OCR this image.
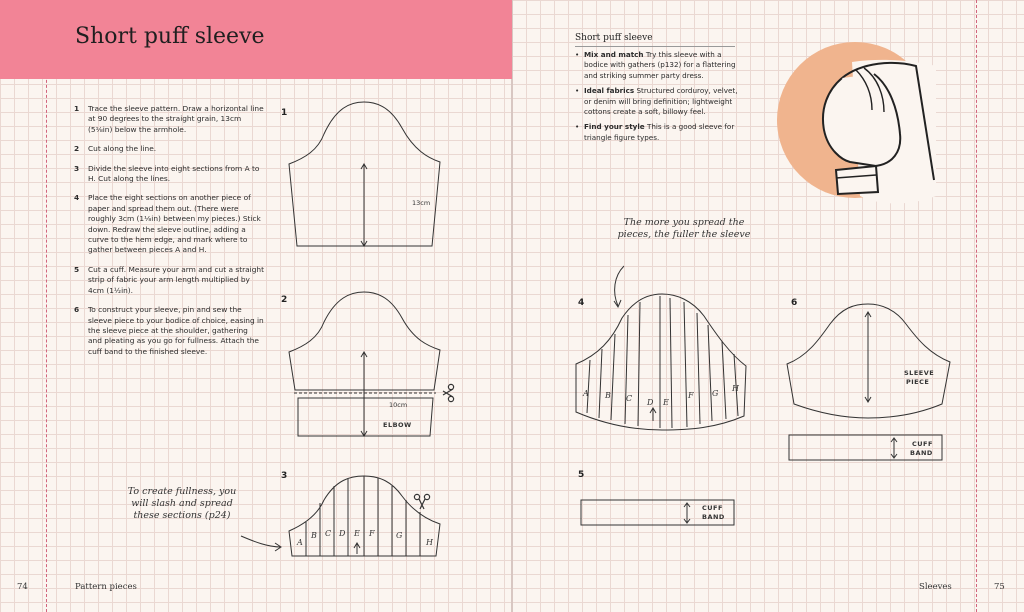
Short puff sleeve
1 Trace the sleeve pattern. Draw a horizontal line at 90 degrees to the straight grain, 13cm (5⅛in) below the armhole.
2 Cut along the line.
3 Divide the sleeve into eight sections from A to H. Cut along the lines.
4 Place the eight sections on another piece of paper and spread them out. (There were roughly 3cm (1⅛in) between my pieces.) Stick down. Redraw the sleeve outline, adding a curve to the hem edge, and mark where to gather between pieces A and H.
5 Cut a cuff. Measure your arm and cut a straight strip of fabric your arm length multiplied by 4cm (1½in).
6 To construct your sleeve, pin and sew the sleeve piece to your bodice of choice, easing in the sleeve piece at the shoulder, gathering and pleating as you go for fullness. Attach the cuff band to the finished sleeve.
1
2
3
4
5
6
13cm
10cm
ELBOW
A
B C D E F	G
H
A B C D E
F G
H
CUFF
BAND
SLEEVE
PIECE
CUFF
BAND
To create fullness, you will slash and spread these sections (p24)
The more you spread the pieces, the fuller the sleeve
Short puff sleeve
• Mix and match Try this sleeve with a bodice with gathers (p132) for a flattering and striking summer party dress.
• Ideal fabrics Structured corduroy, velvet, or denim will bring definition; lightweight cottons create a soft, billowy feel.
• Find your style This is a good sleeve for triangle figure types.
74	Pattern pieces	Sleeves	75
